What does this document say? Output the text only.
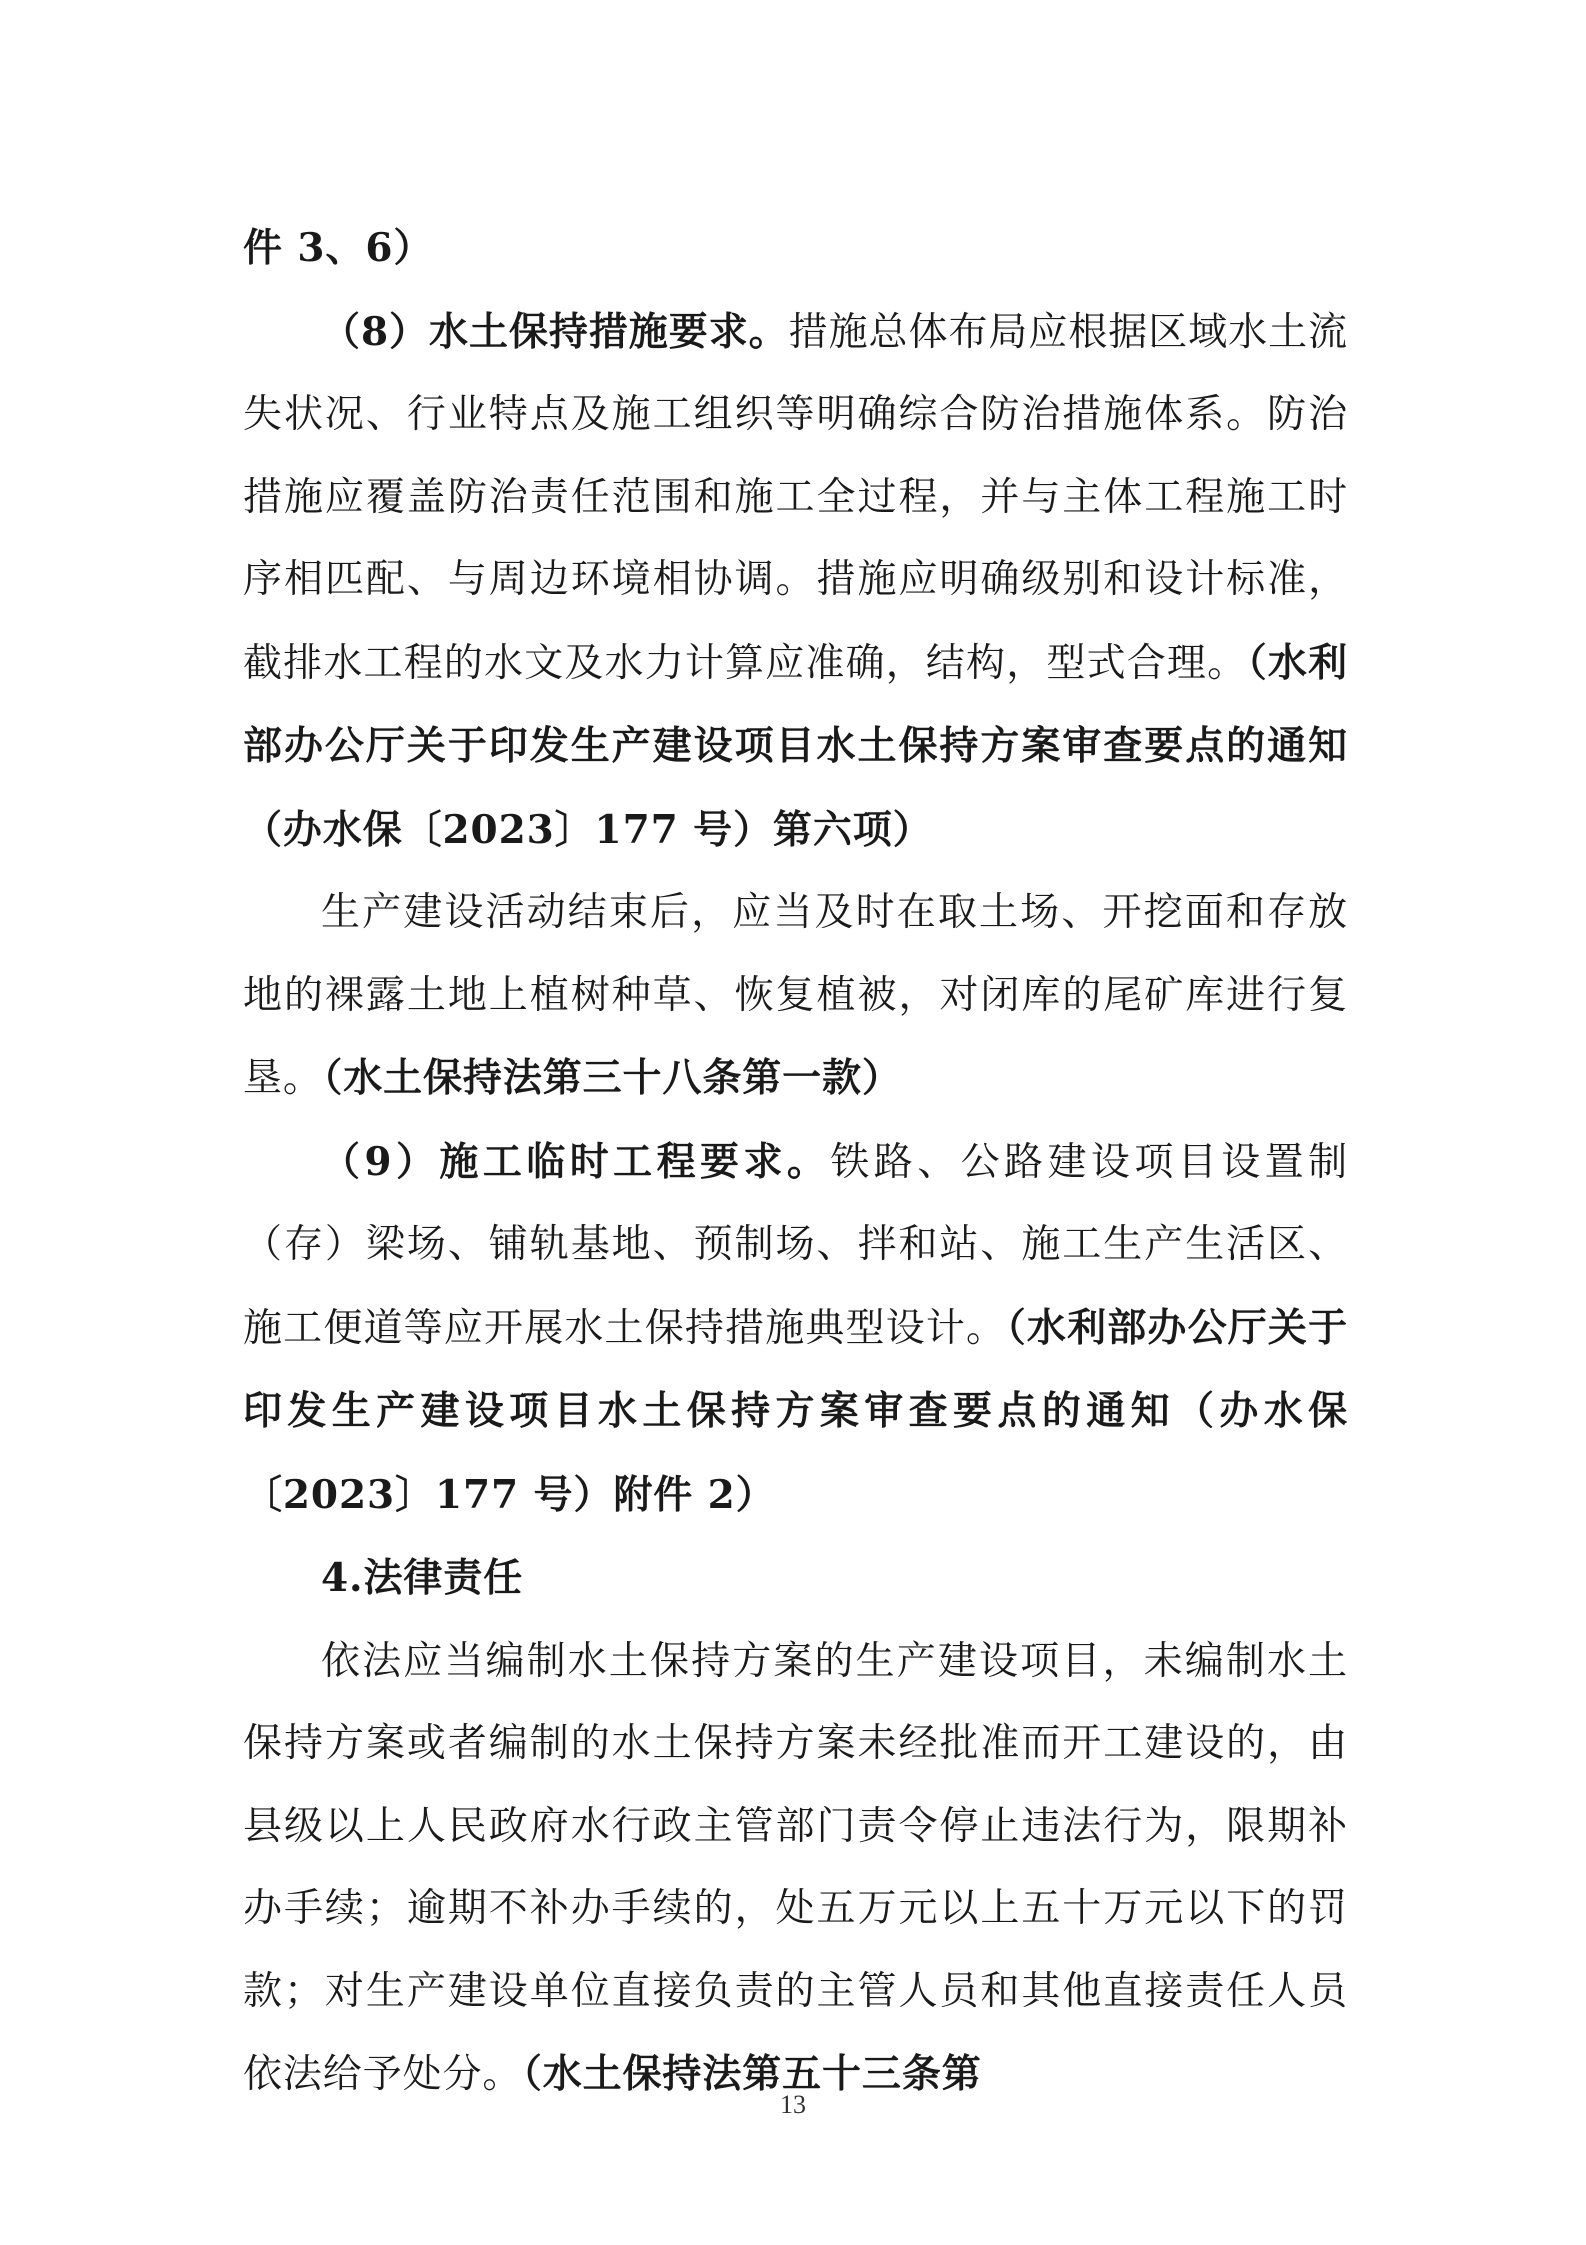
件 3、6）

（8）水土保持措施要求。措施总体布局应根据区域水土流失状况、行业特点及施工组织等明确综合防治措施体系。防治措施应覆盖防治责任范围和施工全过程，并与主体工程施工时序相匹配、与周边环境相协调。措施应明确级别和设计标准，截排水工程的水文及水力计算应准确，结构，型式合理。（水利部办公厅关于印发生产建设项目水土保持方案审查要点的通知（办水保〔2023〕177 号）第六项）

生产建设活动结束后，应当及时在取土场、开挖面和存放地的裸露土地上植树种草、恢复植被，对闭库的尾矿库进行复垦。（水土保持法第三十八条第一款）

（9）施工临时工程要求。铁路、公路建设项目设置制（存）梁场、铺轨基地、预制场、拌和站、施工生产生活区、施工便道等应开展水土保持措施典型设计。（水利部办公厅关于印发生产建设项目水土保持方案审查要点的通知（办水保〔2023〕177 号）附件 2）

4.法律责任

依法应当编制水土保持方案的生产建设项目，未编制水土保持方案或者编制的水土保持方案未经批准而开工建设的，由县级以上人民政府水行政主管部门责令停止违法行为，限期补办手续；逾期不补办手续的，处五万元以上五十万元以下的罚款；对生产建设单位直接负责的主管人员和其他直接责任人员依法给予处分。（水土保持法第五十三条第

13
